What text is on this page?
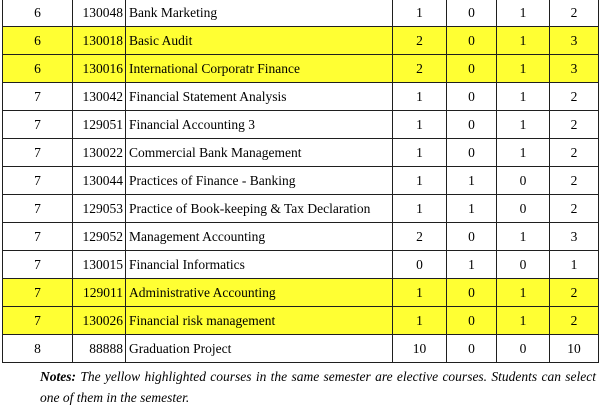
6	130048	Bank Marketing	1	0	1	2
6	130018	Basic Audit	2	0	1	3
6	130016	International Corporatr Finance	2	0	1	3
7	130042	Financial Statement Analysis	1	0	1	2
7	129051	Financial Accounting 3	1	0	1	2
7	130022	Commercial Bank Management	1	0	1	2
7	130044	Practices of Finance - Banking	1	1	0	2
7	129053	Practice of Book-keeping & Tax Declaration	1	1	0	2
7	129052	Management Accounting	2	0	1	3
7	130015	Financial Informatics	0	1	0	1
7	129011	Administrative Accounting	1	0	1	2
7	130026	Financial risk management	1	0	1	2
8	88888	Graduation Project	10	0	0	10
Notes: The yellow highlighted courses in the same semester are elective courses. Students can select one of them in the semester.
